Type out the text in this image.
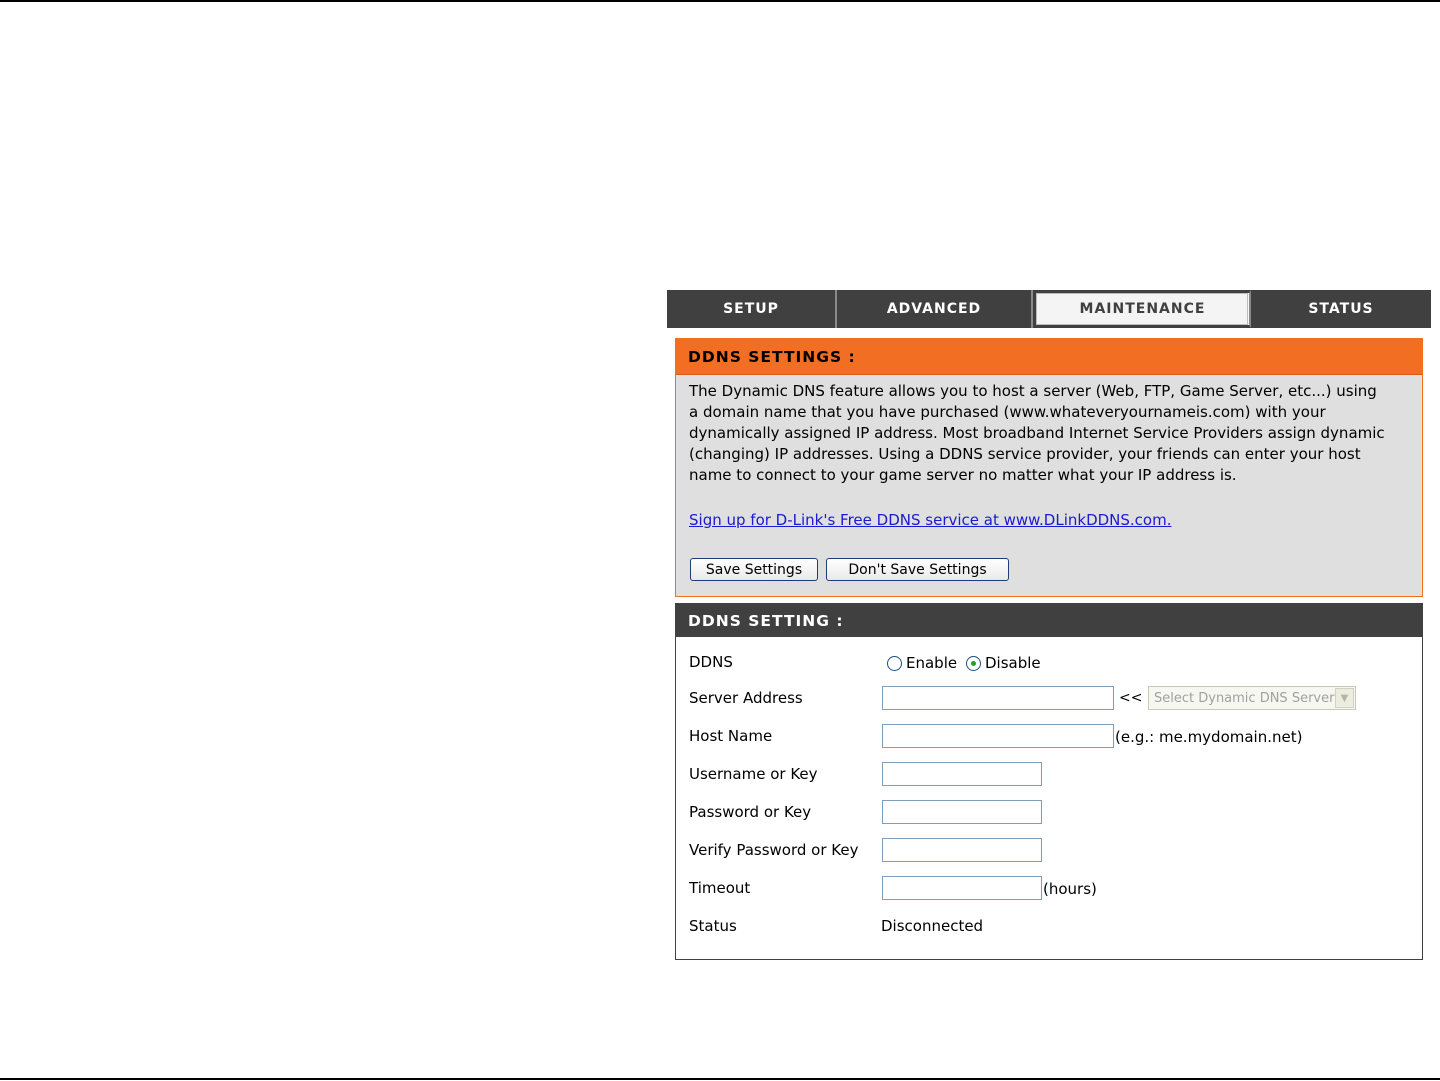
SETUP	ADVANCED	MAINTENANCE	STATUS
DDNS SETTINGS :
The Dynamic DNS feature allows you to host a server (Web, FTP, Game Server, etc...) using a domain name that you have purchased (www.whateveryournameis.com) with your dynamically assigned IP address. Most broadband Internet Service Providers assign dynamic (changing) IP addresses. Using a DDNS service provider, your friends can enter your host name to connect to your game server no matter what your IP address is.
Sign up for D-Link's Free DDNS service at www.DLinkDDNS.com.
Save Settings	Don't Save Settings
DDNS SETTING :
DDNS	Enable Disable
Server Address	<< Select Dynamic DNS Server ▼
Host Name	(e.g.: me.mydomain.net)
Username or Key
Password or Key
Verify Password or Key
Timeout	(hours)
Status	Disconnected
